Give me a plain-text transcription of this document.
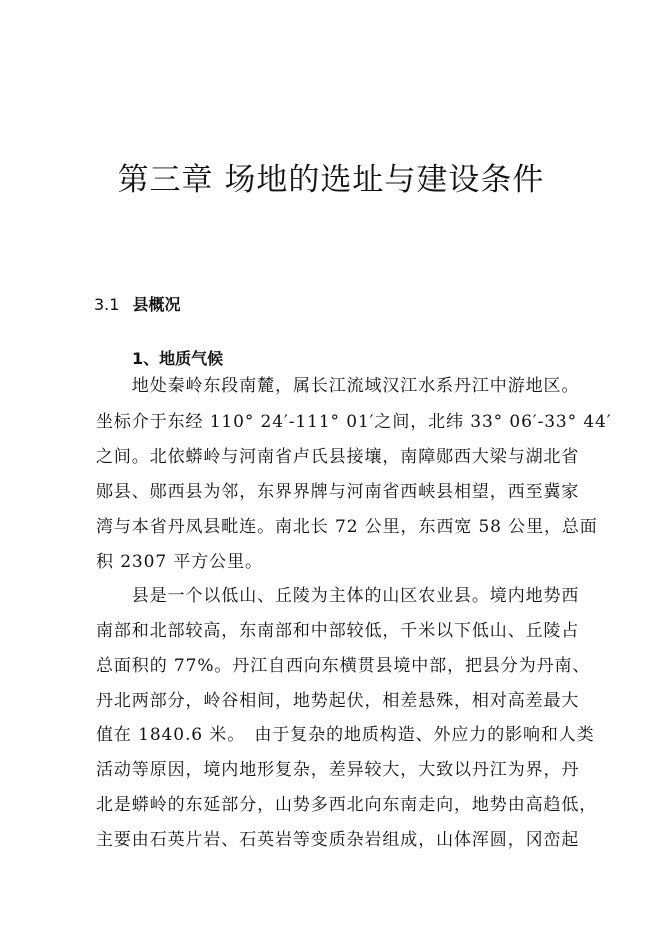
第三章 场地的选址与建设条件
3.1 县概况
1、地质气候
　　地处秦岭东段南麓，属长江流域汉江水系丹江中游地区。
坐标介于东经 110° 24′-111° 01′之间，北纬 33° 06′-33° 44′
之间。北依蟒岭与河南省卢氏县接壤，南障郧西大梁与湖北省
郧县、郧西县为邻，东界界牌与河南省西峡县相望，西至冀家
湾与本省丹凤县毗连。南北长 72 公里，东西宽 58 公里，总面
积 2307 平方公里。
　　县是一个以低山、丘陵为主体的山区农业县。境内地势西
南部和北部较高，东南部和中部较低，千米以下低山、丘陵占
总面积的 77%。丹江自西向东横贯县境中部，把县分为丹南、
丹北两部分，岭谷相间，地势起伏，相差悬殊，相对高差最大
值在 1840.6 米。　由于复杂的地质构造、外应力的影响和人类
活动等原因，境内地形复杂，差异较大，大致以丹江为界，丹
北是蟒岭的东延部分，山势多西北向东南走向，地势由高趋低，
主要由石英片岩、石英岩等变质杂岩组成，山体浑圆，冈峦起
